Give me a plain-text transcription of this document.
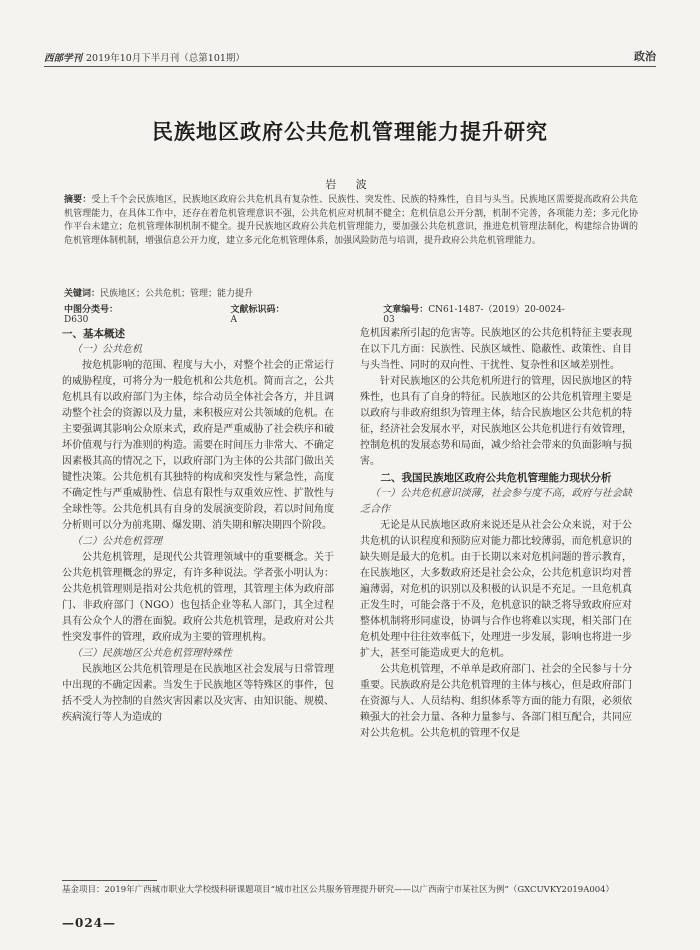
西部学刊 2019年10月下半月刊（总第101期）	政治
民族地区政府公共危机管理能力提升研究
岩 波
摘要：受上千个会民族地区，民族地区政府公共危机具有复杂性、民族性、突发性、民族的特殊性，自目与头当。民族地区需要提高政府公共危机管理能力，在具体工作中，还存在着危机管理意识不强，公共危机应对机制不健全；危机信息公开分割，机制不完善，各项能力差；多元化协作平台未建立；危机管理体制机制不健全。提升民族地区政府公共危机管理能力，要加强公共危机意识，推进危机管理法制化，构建综合协调的危机管理体制机制，增强信息公开力度，建立多元化危机管理体系，加强风险防范与培训，提升政府公共危机管理能力。
关键词：民族地区；公共危机；管理；能力提升
中图分类号：D630
文献标识码：A
文章编号：CN61-1487-（2019）20-0024-03

一、基本概述

（一）公共危机

按危机影响的范围、程度与大小，对整个社会的正常运行的威胁程度，可将分为一般危机和公共危机。简而言之，公共危机具有以政府部门为主体，综合动员全体社会各方，并且调动整个社会的资源以及力量，来积极应对公共领域的危机。在主要强调其影响公众原来式，政府是严重威胁了社会秩序和破坏价值观与行为准则的构造。需要在时间压力非常大、不确定因素极其高的情况之下，以政府部门为主体的公共部门做出关键性决策。公共危机有其独特的构成和突发性与紧急性，高度不确定性与严重威胁性、信息有限性与双重效应性、扩散性与全球性等。公共危机具有自身的发展演变阶段，若以时间角度分析则可以分为前兆期、爆发期、消失期和解决期四个阶段。

（二）公共危机管理

公共危机管理，是现代公共管理领域中的重要概念。关于公共危机管理概念的界定，有许多种说法。学者张小明认为：公共危机管理则是指对公共危机的管理，其管理主体为政府部门、非政府部门（NGO）也包括企业等私人部门，其全过程具有公众个人的潜在面貌。政府公共危机管理，是政府对公共性突发事件的管理，政府成为主要的管理机构。

（三）民族地区公共危机管理特殊性

民族地区公共危机管理是在民族地区社会发展与日常管理中出现的不确定因素。当发生于民族地区等特殊区的事件，包括不受人为控制的自然灾害因素以及灾害、由知识能、规模、疾病流行等人为造成的

危机因素所引起的危害等。民族地区的公共危机特征主要表现在以下几方面：民族性、民族区域性、隐蔽性、政策性、自目与头当性、同时的双向性、干扰性、复杂性和区域差别性。

针对民族地区的公共危机所进行的管理，因民族地区的特殊性，也具有了自身的特征。民族地区的公共危机管理主要是以政府与非政府组织为管理主体，结合民族地区公共危机的特征，经济社会发展水平，对民族地区公共危机进行有效管理，控制危机的发展态势和局面，减少给社会带来的负面影响与损害。

二、我国民族地区政府公共危机管理能力现状分析

（一）公共危机意识淡薄，社会参与度不高，政府与社会缺乏合作

无论是从民族地区政府来说还是从社会公众来说，对于公共危机的认识程度和预防应对能力都比较薄弱，而危机意识的缺失则是最大的危机。由于长期以来对危机问题的普示教育，在民族地区，大多数政府还是社会公众，公共危机意识均对普遍薄弱，对危机的识别以及积极的认识是不充足。一旦危机真正发生时，可能会落于不及，危机意识的缺乏将导致政府应对整体机制将形同虚设，协调与合作也将难以实现，相关部门在危机处理中往往效率低下，处理进一步发展，影响也将进一步扩大，甚至可能造成更大的危机。

公共危机管理，不单单是政府部门、社会的全民参与十分重要。民族政府是公共危机管理的主体与核心，但是政府部门在资源与人、人员结构、组织体系等方面的能力有限，必须依赖强大的社会力量、各种力量参与、各部门相互配合，共同应对公共危机。公共危机的管理不仅是

基金项目：2019年广西城市职业大学校级科研课题项目“城市社区公共服务管理提升研究——以广西南宁市某社区为例”（GXCUVKY2019A004）
—024—
